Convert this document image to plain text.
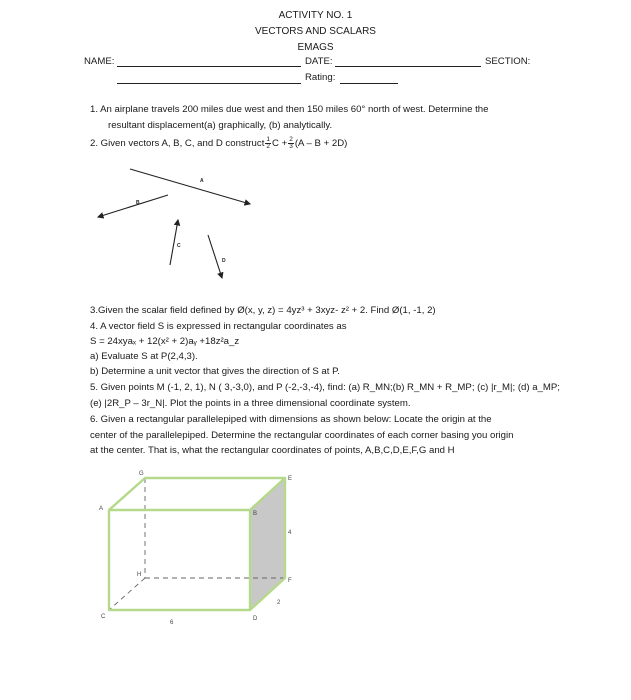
ACTIVITY NO. 1
VECTORS AND SCALARS
EMAGS
NAME:	DATE:	SECTION:
Rating:
1. An airplane travels 200 miles due west and then 150 miles 60° north of west. Determine the
resultant displacement(a) graphically, (b) analytically.
2. Given vectors A, B, C, and D construct $\frac{1}{2}$ $C + \frac{2}{3} (A - B + 2D)$
A
B
C
D
3.Given the scalar field defined by Ø(x, y, z) = 4yz³ + 3xyz- z² + 2. Find Ø(1, -1, 2)
4. A vector field S is expressed in rectangular coordinates as
S = 24xyaₓ + 12(x² + 2)aᵧ +18z²a_z
a) Evaluate S at P(2,4,3).
b) Determine a unit vector that gives the direction of S at P.
5. Given points M (-1, 2, 1), N ( 3,-3,0), and P (-2,-3,-4), find: (a) R_MN;(b) R_MN + R_MP; (c) |r_M|; (d) a_MP;
(e) |2R_P – 3r_N|. Plot the points in a three dimensional coordinate system.
6. Given a rectangular parallelepiped with dimensions as shown below: Locate the origin at the
center of the parallelepiped. Determine the rectangular coordinates of each corner basing you origin
at the center. That is, what the rectangular coordinates of points, A,B,C,D,E,F,G and H
A
B
C	D
E
F
G
H
6
4
2
